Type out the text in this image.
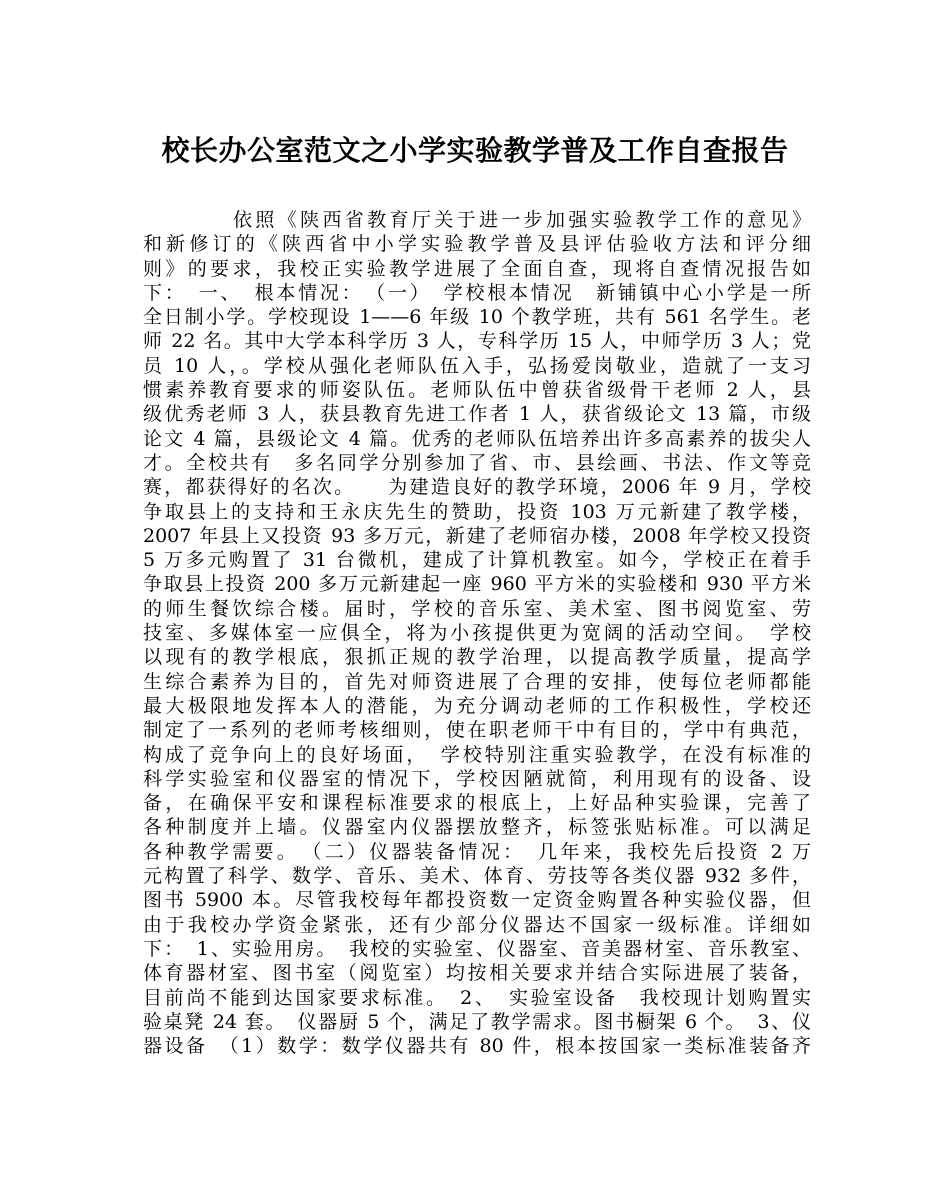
校长办公室范文之小学实验教学普及工作自查报告
依照《陕西省教育厅关于进一步加强实验教学工作的意见》
和新修订的《陕西省中小学实验教学普及县评估验收方法和评分细
则》的要求，我校正实验教学进展了全面自查，现将自查情况报告如
下：　一、　根本情况：　（一）　学校根本情况　新铺镇中心小学是一所
全日制小学。学校现设 1——6 年级 10 个教学班，共有 561 名学生。老
师 22 名。其中大学本科学历 3 人，专科学历 15 人，中师学历 3 人；党
员 10 人，。学校从强化老师队伍入手，弘扬爱岗敬业，造就了一支习
惯素养教育要求的师姿队伍。老师队伍中曾获省级骨干老师 2 人，县
级优秀老师 3 人，获县教育先进工作者 1 人，获省级论文 13 篇，市级
论文 4 篇，县级论文 4 篇。优秀的老师队伍培养出许多高素养的拔尖人
才。全校共有　多名同学分别参加了省、市、县绘画、书法、作文等竞
赛，都获得好的名次。　　为建造良好的教学环境，2006 年 9 月，学校
争取县上的支持和王永庆先生的赞助，投资 103 万元新建了教学楼，
2007 年县上又投资 93 多万元，新建了老师宿办楼，2008 年学校又投资
5 万多元购置了 31 台微机，建成了计算机教室。如今，学校正在着手
争取县上投资 200 多万元新建起一座 960 平方米的实验楼和 930 平方米
的师生餐饮综合楼。届时，学校的音乐室、美术室、图书阅览室、劳
技室、多媒体室一应俱全，将为小孩提供更为宽阔的活动空间。　学校
以现有的教学根底，狠抓正规的教学治理，以提高教学质量，提高学
生综合素养为目的，首先对师资进展了合理的安排，使每位老师都能
最大极限地发挥本人的潜能，为充分调动老师的工作积极性，学校还
制定了一系列的老师考核细则，使在职老师干中有目的，学中有典范，
构成了竞争向上的良好场面，　学校特别注重实验教学，在没有标准的
科学实验室和仪器室的情况下，学校因陋就简，利用现有的设备、设
备，在确保平安和课程标准要求的根底上，上好品种实验课，完善了
各种制度并上墙。仪器室内仪器摆放整齐，标签张贴标准。可以满足
各种教学需要。　（二）仪器装备情况：　几年来，我校先后投资 2 万
元构置了科学、数学、音乐、美术、体育、劳技等各类仪器 932 多件，
图书 5900 本。尽管我校每年都投资数一定资金购置各种实验仪器，但
由于我校办学资金紧张，还有少部分仪器达不国家一级标准。详细如
下：　1、实验用房。　我校的实验室、仪器室、音美器材室、音乐教室、
体育器材室、图书室（阅览室）均按相关要求并结合实际进展了装备，
目前尚不能到达国家要求标准。　2、　实验室设备　我校现计划购置实
验桌凳 24 套。　仪器厨 5 个，满足了教学需求。图书橱架 6 个。　3、仪
器设备　（1）数学：数学仪器共有 80 件，根本按国家一类标准装备齐
